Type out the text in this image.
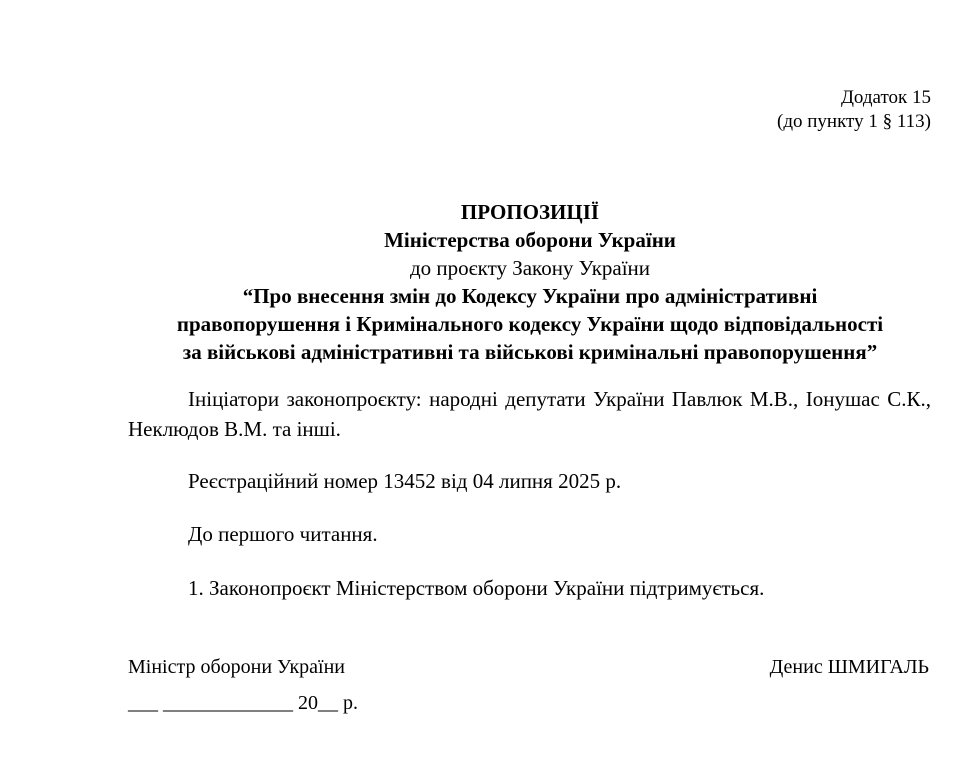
Додаток 15
(до пункту 1 § 113)
ПРОПОЗИЦІЇ
Міністерства оборони України
до проєкту Закону України
“Про внесення змін до Кодексу України про адміністративні
правопорушення і Кримінального кодексу України щодо відповідальності
за військові адміністративні та військові кримінальні правопорушення”
Ініціатори законопроєкту: народні депутати України Павлюк М.В., Іонушас С.К., Неклюдов В.М. та інші.
Реєстраційний номер 13452 від 04 липня 2025 р.
До першого читання.
1. Законопроєкт Міністерством оборони України підтримується.
Міністр оборони України	Денис ШМИГАЛЬ
___ _____________ 20__ р.
